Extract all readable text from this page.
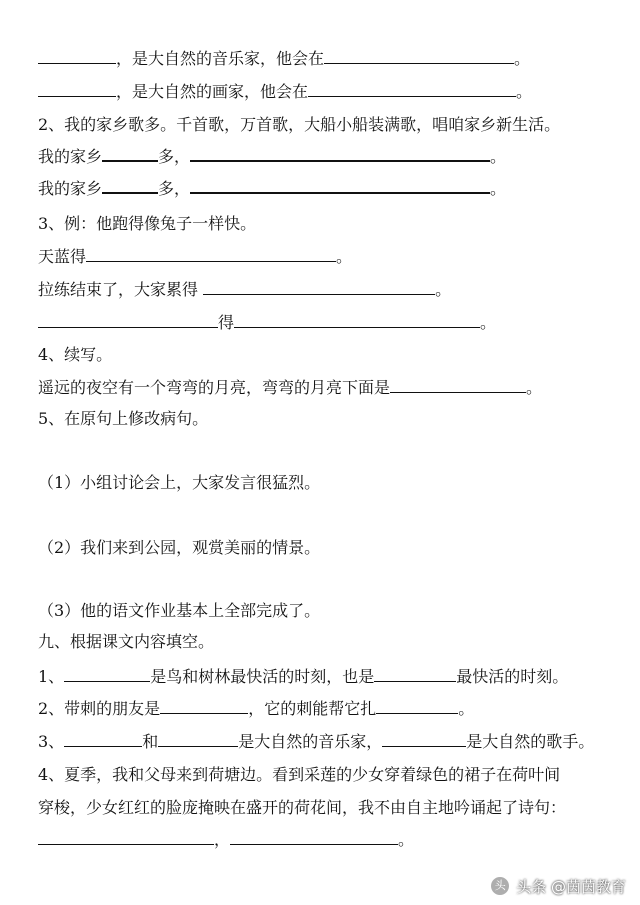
，是大自然的音乐家，他会在	。
，是大自然的画家，他会在	。
2、我的家乡歌多。千首歌，万首歌，大船小船装满歌，唱咱家乡新生活。
我的家乡	多，	。
我的家乡	多，	。
3、例：他跑得像兔子一样快。
天蓝得	。
拉练结束了，大家累得	。
得	。
4、续写。
遥远的夜空有一个弯弯的月亮，弯弯的月亮下面是	。
5、在原句上修改病句。
（1）小组讨论会上，大家发言很猛烈。
（2）我们来到公园，观赏美丽的情景。
（3）他的语文作业基本上全部完成了。
九、根据课文内容填空。
1、	是鸟和树林最快活的时刻，也是	最快活的时刻。
2、带刺的朋友是	，它的刺能帮它扎	。
3、	和	是大自然的音乐家，	是大自然的歌手。
4、夏季，我和父母来到荷塘边。看到采莲的少女穿着绿色的裙子在荷叶间
穿梭，少女红红的脸庞掩映在盛开的荷花间，我不由自主地吟诵起了诗句：
，	。
头 头条 @茵茵教育
